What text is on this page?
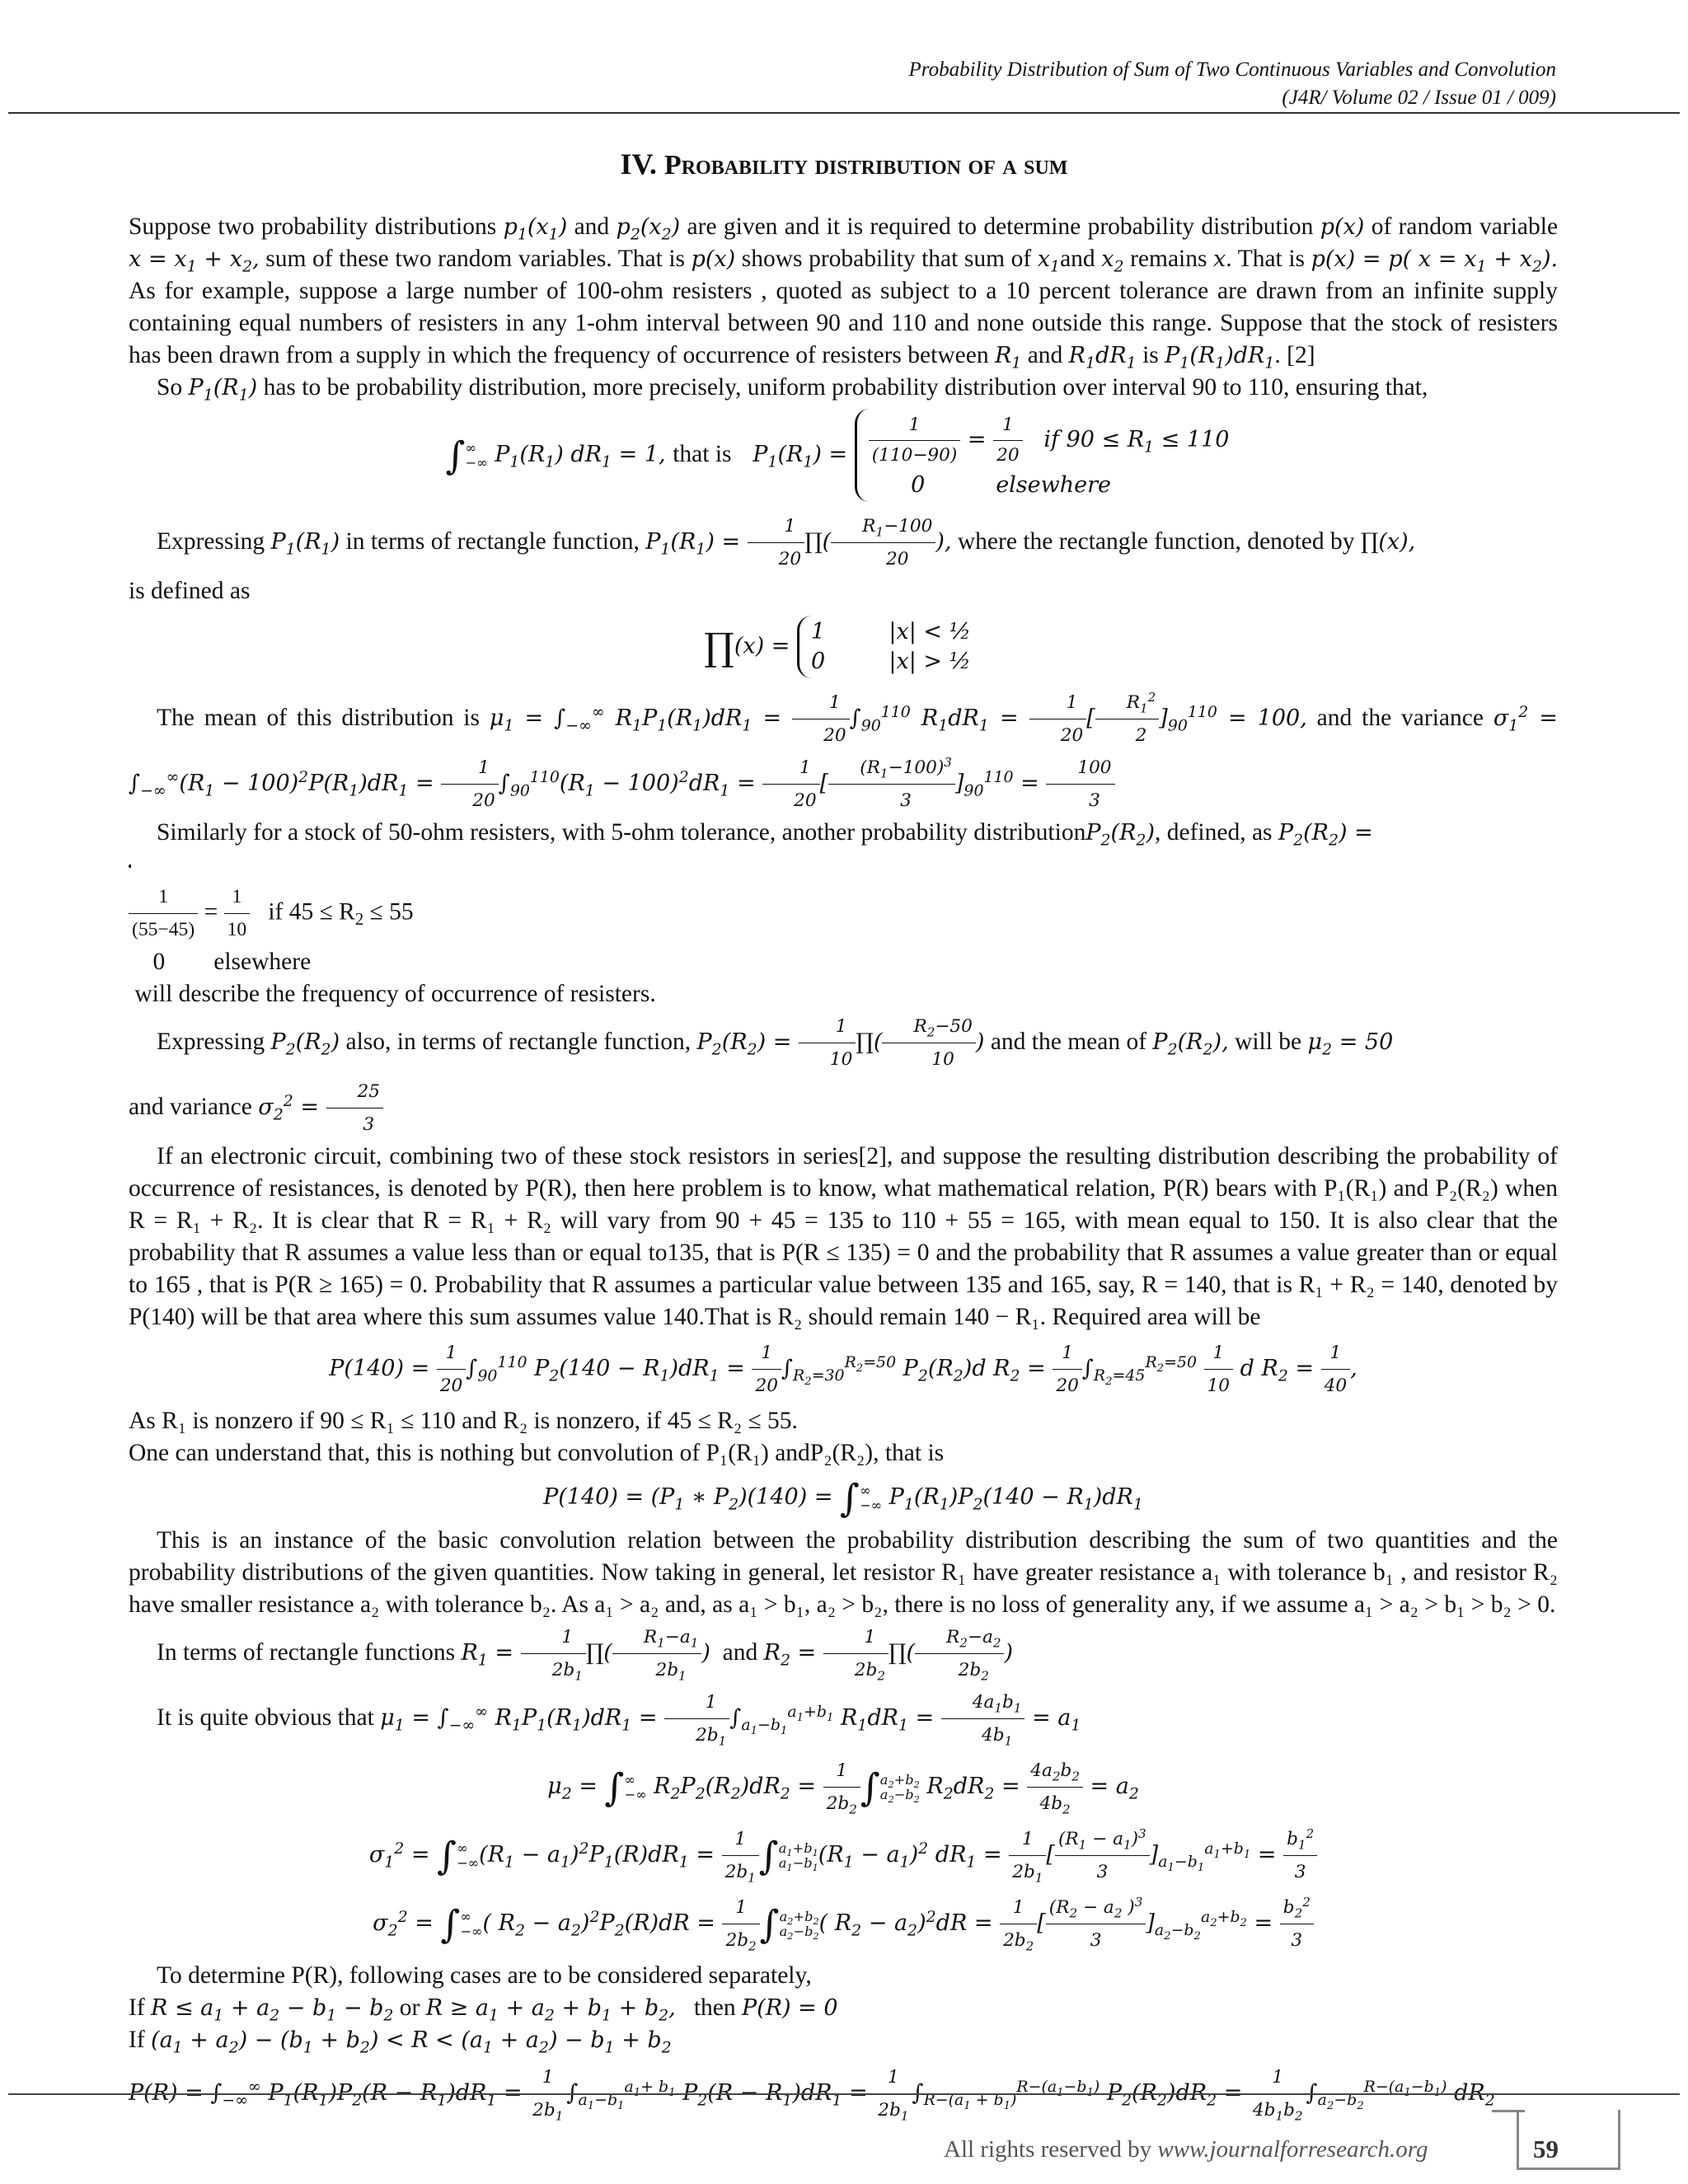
Probability Distribution of Sum of Two Continuous Variables and Convolution
(J4R/ Volume 02 / Issue 01 / 009)
IV. Probability distribution of a sum

Suppose two probability distributions $p_1(x_1)$ and $p_2(x_2)$ are given and it is required to determine probability distribution p(x) of random variable $x = x_1 + x_2$, sum of these two random variables. That is p(x) shows probability that sum of $x_1and$ $x_2$ remains x. That is p(x) = p( $x = x_1 + x_2$). As for example, suppose a large number of 100-ohm resisters , quoted as subject to a 10 percent tolerance are drawn from an infinite supply containing equal numbers of resisters in any 1-ohm interval between 90 and 110 and none outside this range. Suppose that the stock of resisters has been drawn from a supply in which the frequency of occurrence of resisters between $R_1$ and $R_1dR_1$ is $P_1(R_1)dR_1$. [2]

So $P_1(R_1)$ has to be probability distribution, more precisely, uniform probability distribution over interval 90 to 110, ensuring that,

∫ ∞
−∞ $P_1(R_1) dR_1 = 1$, that is   $P_1(R_1) = \frac{1}{(110-90)} = \frac{1}{20}$ if $90 \le R_1 \le 110$
0          elsewhere

Expressing $P_1(R_1)$ in terms of rectangle function, $P_1(R_1) = \frac{1}{20}$ ∏( $\frac{R_1-100}{20}$ ), where the rectangle function, denoted by ∏(x),
is defined as

∏(x) =
1         |x| < ½
0         |x| > ½

The mean of this distribution is $\mu_1 = \int_{-\infty}^\infty$ $R_1P_1(R_1)dR_1 = \frac{1}{20} \int_{90}^{110}$ $R_1dR_1 = \frac{1}{20}$ [ $\frac{R_1^2}{2} ]_{90}^{110} = 100$, and the variance $\sigma_1^2 = \int_{-\infty}^\infty(R_1 - 100)^2P(R_1)dR_1 = \frac{1}{20} \int_{90}^{110}(R_1 - 100)^2dR_1 = \frac{1}{20}$ [ $\frac{(R_1-100)^3}{3} ]_{90}^{110} = \frac{100}{3}$

Similarly for a stock of 50-ohm resisters, with 5-ohm tolerance, another probability $distributionP_2(R_2)$, defined, as $P_2(R_2)$ =

$\frac{1}{(55-45)} = \frac{1}{10}$ if $45 \le R_2 \le 55$
0        elsewhere
will describe the frequency of occurrence of resisters.

Expressing $P_2(R_2)$ also, in terms of rectangle function, $P_2(R_2) = \frac{1}{10}$ ∏( $\frac{R_2-50}{10}$ ) and the mean of $P_2(R_2)$, will be $\mu_2 = 50$
and variance $\sigma_2^2 = \frac{25}{3}$

If an electronic circuit, combining two of these stock resistors in series[2], and suppose the resulting distribution describing the probability of occurrence of resistances, is denoted by P(R), then here problem is to know, what mathematical relation, P(R) bears with P₁(R₁) and P₂(R₂) when R = R₁ + R₂. It is clear that R = R₁ + R₂ will vary from 90 + 45 = 135 to 110 + 55 = 165, with mean equal to 150. It is also clear that the probability that R assumes a value less than or equal to135, that is P(R ≤ 135) = 0 and the probability that R assumes a value greater than or equal to 165 , that is P(R ≥ 165) = 0. Probability that R assumes a particular value between 135 and 165, say, R = 140, that is R₁ + R₂ = 140, denoted by P(140) will be that area where this sum assumes value 140.That is R₂ should remain 140 − R₁. Required area will be

$P(140) = \frac{1}{20} \int_{90}^{110}$ $P_2(140 - R_1)dR_1 = \frac{1}{20} \int_{R_2=30}^{R_2=50}$ $P_2(R_2)d$ $R_2 = \frac{1}{20} \int_{R_2=45}^{R_2=50} \frac{1}{10}$ d $R_2 = \frac{1}{40}$ ,

As R₁ is nonzero if 90 ≤ R₁ ≤ 110 and R₂ is nonzero, if 45 ≤ R₂ ≤ 55.

One can understand that, this is nothing but convolution of P₁(R₁) andP₂(R₂), that is

$P(140) = (P_1$ ∗ $P_2)(140)$ = ∫ ∞
−∞ $P_1(R_1)P_2(140 - R_1)dR_1$

This is an instance of the basic convolution relation between the probability distribution describing the sum of two quantities and the probability distributions of the given quantities. Now taking in general, let resistor R₁ have greater resistance a₁ with tolerance b₁ , and resistor R₂ have smaller resistance a₂ with tolerance b₂. As a₁ > a₂ and, as a₁ > b₁, a₂ > b₂, there is no loss of generality any, if we assume a₁ > a₂ > b₁ > b₂ > 0.

In terms of rectangle functions $R_1 = \frac{1}{2b_1}$ ∏( $\frac{R_1-a_1}{2b_1}$ ) and $R_2 = \frac{1}{2b_2}$ ∏( $\frac{R_2-a_2}{2b_2}$ )

It is quite obvious that $\mu_1 = \int_{-\infty}^\infty$ $R_1P_1(R_1)dR_1 = \frac{1}{2b_1} \int_{a_1-b_1}^{a_1+b_1}$ $R_1dR_1 = \frac{4a_1b_1}{4b_1} = a_1$

$\mu_2$ = ∫ ∞
−∞ $R_2P_2(R_2)dR_2 = \frac{1}{2b_2}$ ∫ $a_2+b_2$
$a_2-b_2$ $R_2dR_2 = \frac{4a_2b_2}{4b_2} = a_2$
$\sigma_1^2$ = ∫ ∞
−∞ $(R_1 - a_1)^2P_1(R)dR_1 = \frac{1}{2b_1}$ ∫ $a_1+b_1$
$a_1-b_1$ $(R_1 - a_1)^2$ $dR_1 = \frac{1}{2b_1}$ [ $\frac{(R_1 - a_1)^3}{3} ]_{a_1-b_1}^{a_1+b_1} = \frac{b_1^2}{3}$
$\sigma_2^2$ = ∫ ∞
−∞ ( $R_2 - a_2)^2P_2(R)dR = \frac{1}{2b_2}$ ∫ $a_2+b_2$
$a_2-b_2$ ( $R_2 - a_2)^2dR = \frac{1}{2b_2}$ [ $\frac{(R_2 - a_2 )^3}{3} ]_{a_2-b_2}^{a_2+b_2} = \frac{b_2^2}{3}$

To determine P(R), following cases are to be considered separately,

If $R \le a_1 + a_2 - b_1 - b_2$ or $R \ge a_1 + a_2 + b_1 + b_2$, then P(R) = 0

If $(a_1 + a_2) - (b_1 + b_2) < R < (a_1 + a_2) - b_1 + b_2$

$P(R) = \int_{-\infty}^\infty$ $P_1(R_1)P_2(R - R_1)dR_1 = \frac{1}{2b_1} \int_{a_1-b_1}^{a_1+ b_1}$ $P_2(R - R_1)dR_1 = \frac{1}{2b_1} \int_{R-(a_1 + b_1)}^{R-(a_1-b_1)}$ $P_2(R_2)dR_2 = \frac{1}{4b_1b_2} \int_{a_2-b_2}^{R-(a_1-b_1)}$ $dR_2$
All rights reserved by www.journalforresearch.org	59
